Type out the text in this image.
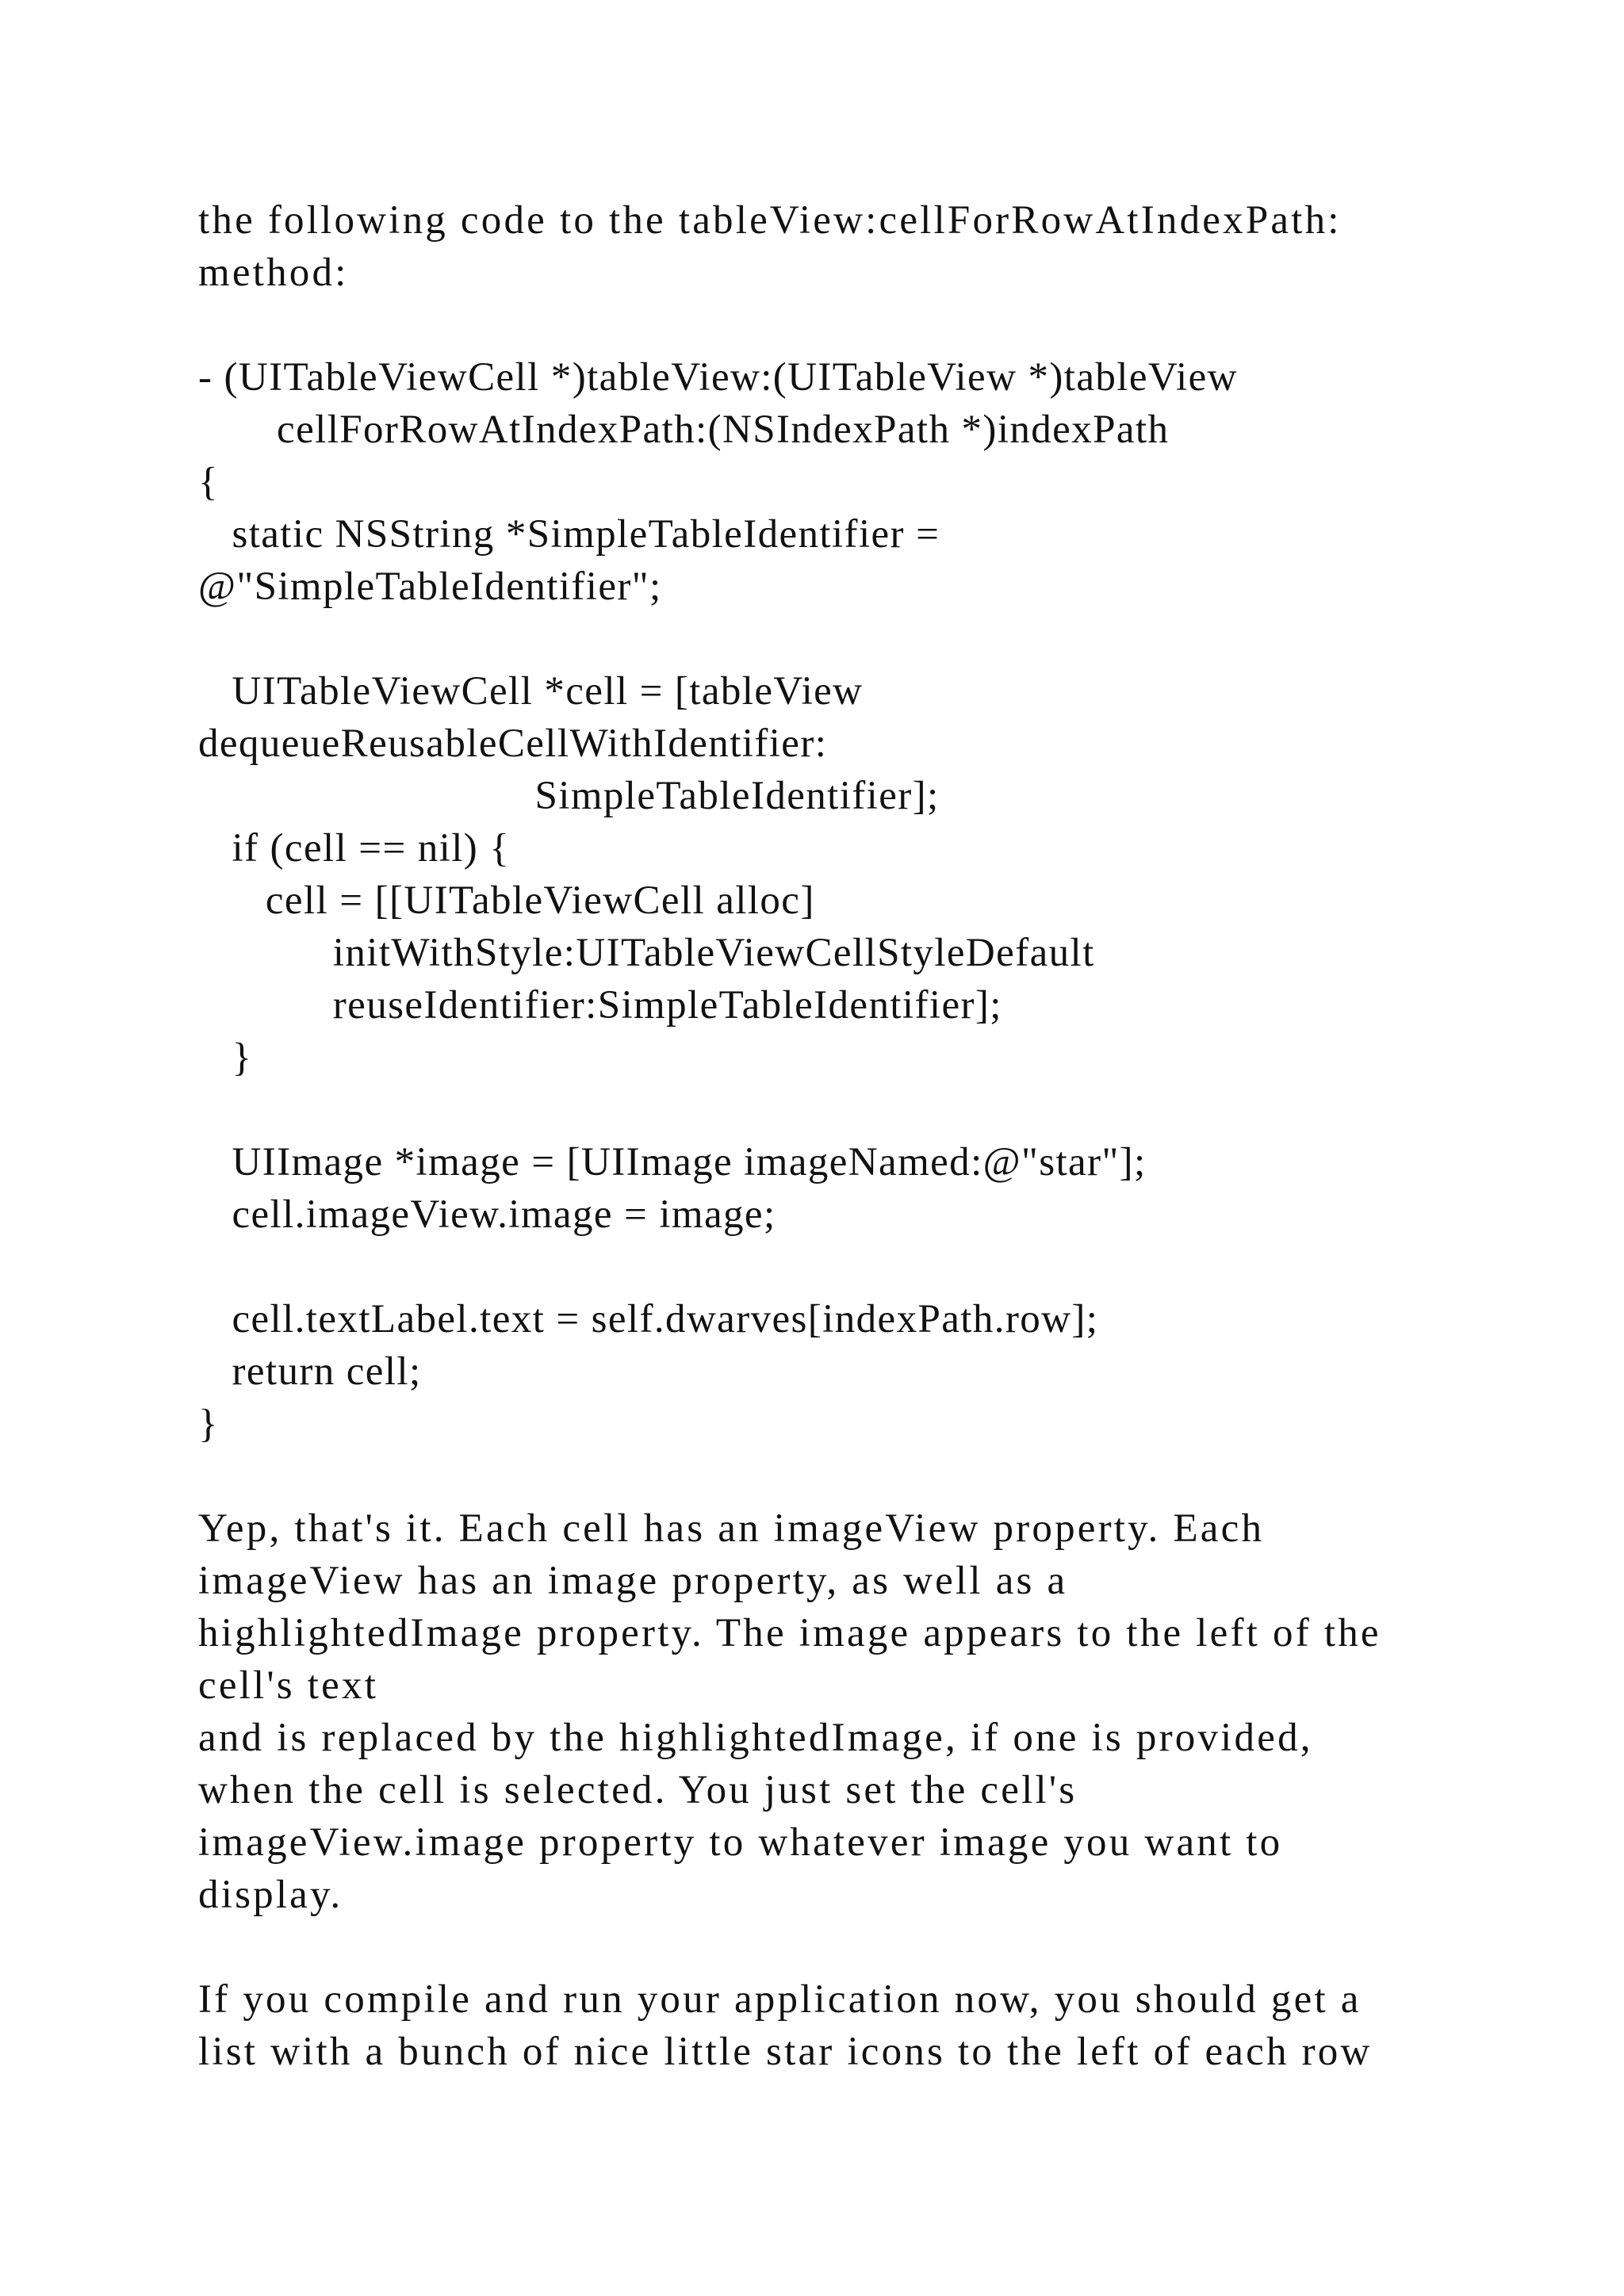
the following code to the tableView:cellForRowAtIndexPath:

method:

- (UITableViewCell *)tableView:(UITableView *)tableView

cellForRowAtIndexPath:(NSIndexPath *)indexPath

{

static NSString *SimpleTableIdentifier =

@"SimpleTableIdentifier";

UITableViewCell *cell = [tableView

dequeueReusableCellWithIdentifier:

SimpleTableIdentifier];

if (cell == nil) {

cell = [[UITableViewCell alloc]

initWithStyle:UITableViewCellStyleDefault

reuseIdentifier:SimpleTableIdentifier];

}

UIImage *image = [UIImage imageNamed:@"star"];

cell.imageView.image = image;

cell.textLabel.text = self.dwarves[indexPath.row];

return cell;

}

Yep, that's it. Each cell has an imageView property. Each

imageView has an image property, as well as a

highlightedImage property. The image appears to the left of the

cell's text

and is replaced by the highlightedImage, if one is provided,

when the cell is selected. You just set the cell's

imageView.image property to whatever image you want to

display.

If you compile and run your application now, you should get a

list with a bunch of nice little star icons to the left of each row
